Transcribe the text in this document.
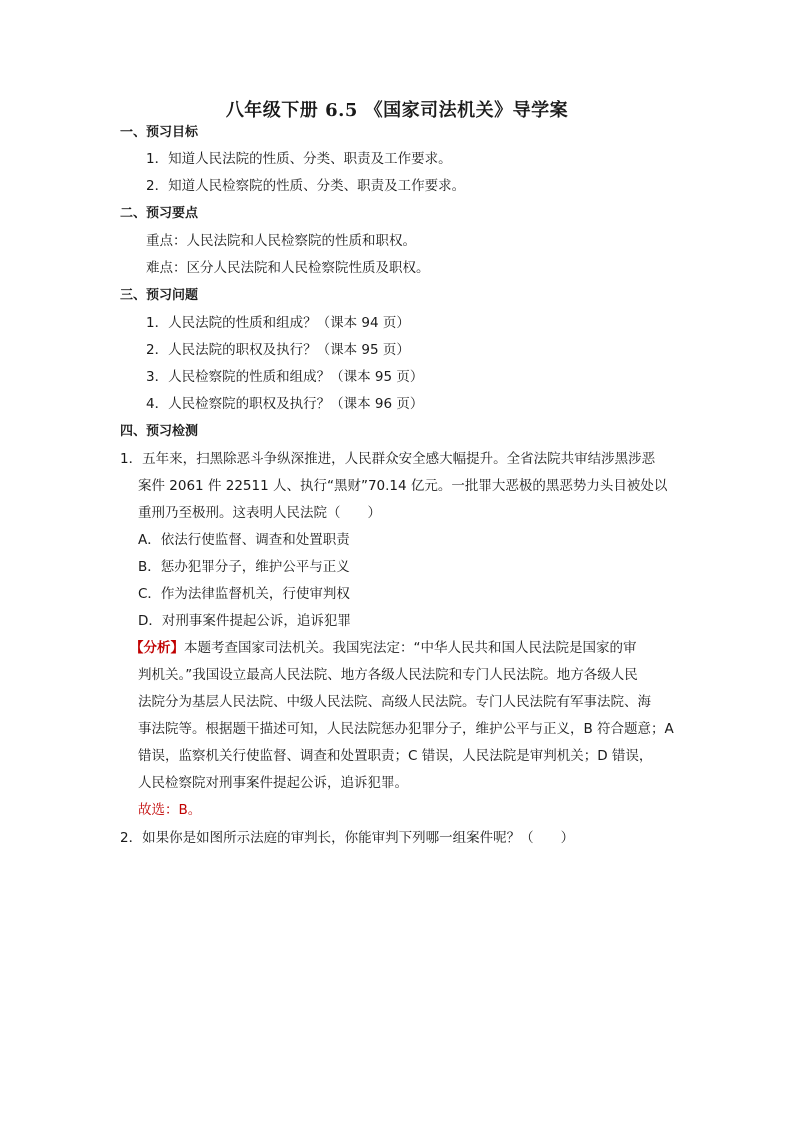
八年级下册 6.5 《国家司法机关》导学案
一、预习目标
1．知道人民法院的性质、分类、职责及工作要求。
2．知道人民检察院的性质、分类、职责及工作要求。
二、预习要点
重点：人民法院和人民检察院的性质和职权。
难点：区分人民法院和人民检察院性质及职权。
三、预习问题
1．人民法院的性质和组成？（课本 94 页）
2．人民法院的职权及执行？（课本 95 页）
3．人民检察院的性质和组成？（课本 95 页）
4．人民检察院的职权及执行？（课本 96 页）
四、预习检测
1．五年来，扫黑除恶斗争纵深推进，人民群众安全感大幅提升。全省法院共审结涉黑涉恶
案件 2061 件 22511 人、执行“黑财”70.14 亿元。一批罪大恶极的黑恶势力头目被处以
重刑乃至极刑。这表明人民法院（　　）
A．依法行使监督、调查和处置职责
B．惩办犯罪分子，维护公平与正义
C．作为法律监督机关，行使审判权
D．对刑事案件提起公诉，追诉犯罪
【分析】本题考查国家司法机关。我国宪法定：“中华人民共和国人民法院是国家的审
判机关。”我国设立最高人民法院、地方各级人民法院和专门人民法院。地方各级人民
法院分为基层人民法院、中级人民法院、高级人民法院。专门人民法院有军事法院、海
事法院等。根据题干描述可知，人民法院惩办犯罪分子，维护公平与正义，B 符合题意；A
错误，监察机关行使监督、调查和处置职责；C 错误，人民法院是审判机关；D 错误，
人民检察院对刑事案件提起公诉，追诉犯罪。
故选：B。
2．如果你是如图所示法庭的审判长，你能审判下列哪一组案件呢？（　　）
